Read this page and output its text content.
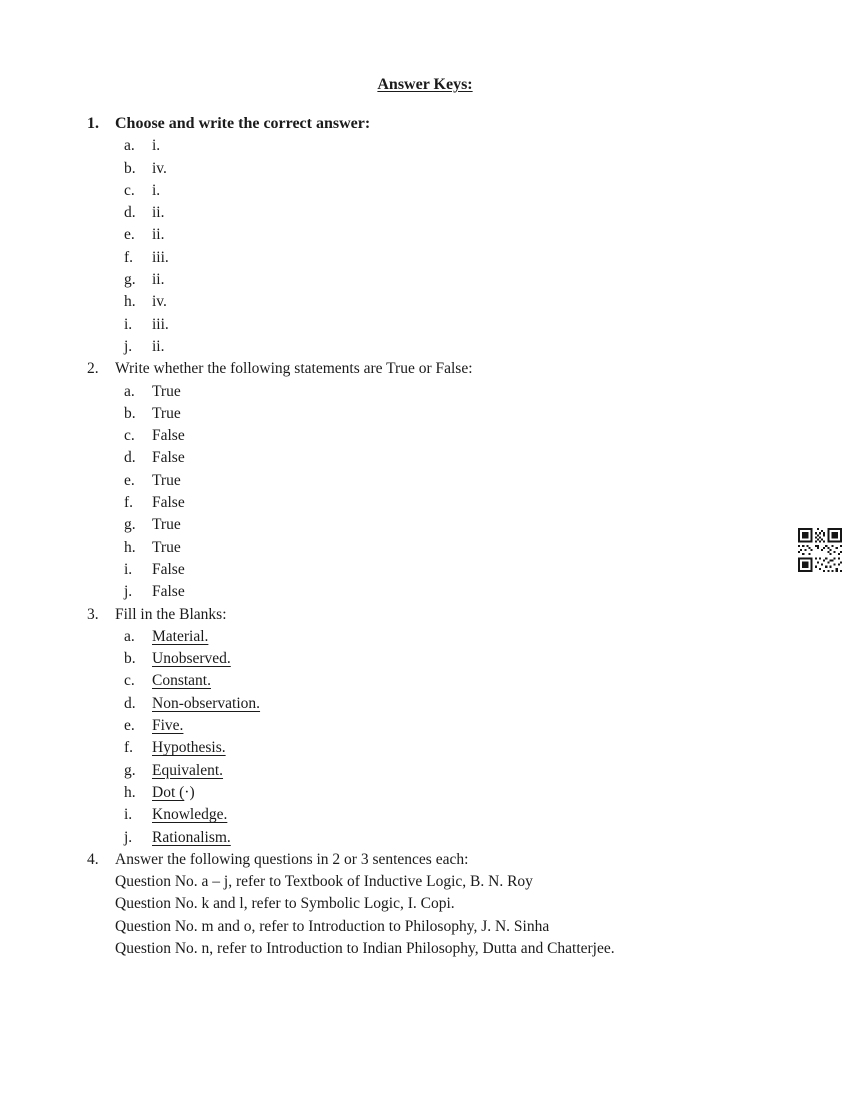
Answer Keys:
1.	Choose and write the correct answer:
a.	i.
b.	iv.
c.	i.
d.	ii.
e.	ii.
f.	iii.
g.	ii.
h.	iv.
i.	iii.
j.	ii.
2.	Write whether the following statements are True or False:
a.	True
b.	True
c.	False
d.	False
e.	True
f.	False
g.	True
h.	True
i.	False
j.	False
3.	Fill in the Blanks:
a.	Material.
b.	Unobserved.
c.	Constant.
d.	Non-observation.
e.	Five.
f.	Hypothesis.
g.	Equivalent.
h.	Dot (·)
i.	Knowledge.
j.	Rationalism.
4.	Answer the following questions in 2 or 3 sentences each:
Question No. a – j, refer to Textbook of Inductive Logic, B. N. Roy
Question No. k and l, refer to Symbolic Logic, I. Copi.
Question No. m and o, refer to Introduction to Philosophy, J. N. Sinha
Question No. n, refer to Introduction to Indian Philosophy, Dutta and Chatterjee.
